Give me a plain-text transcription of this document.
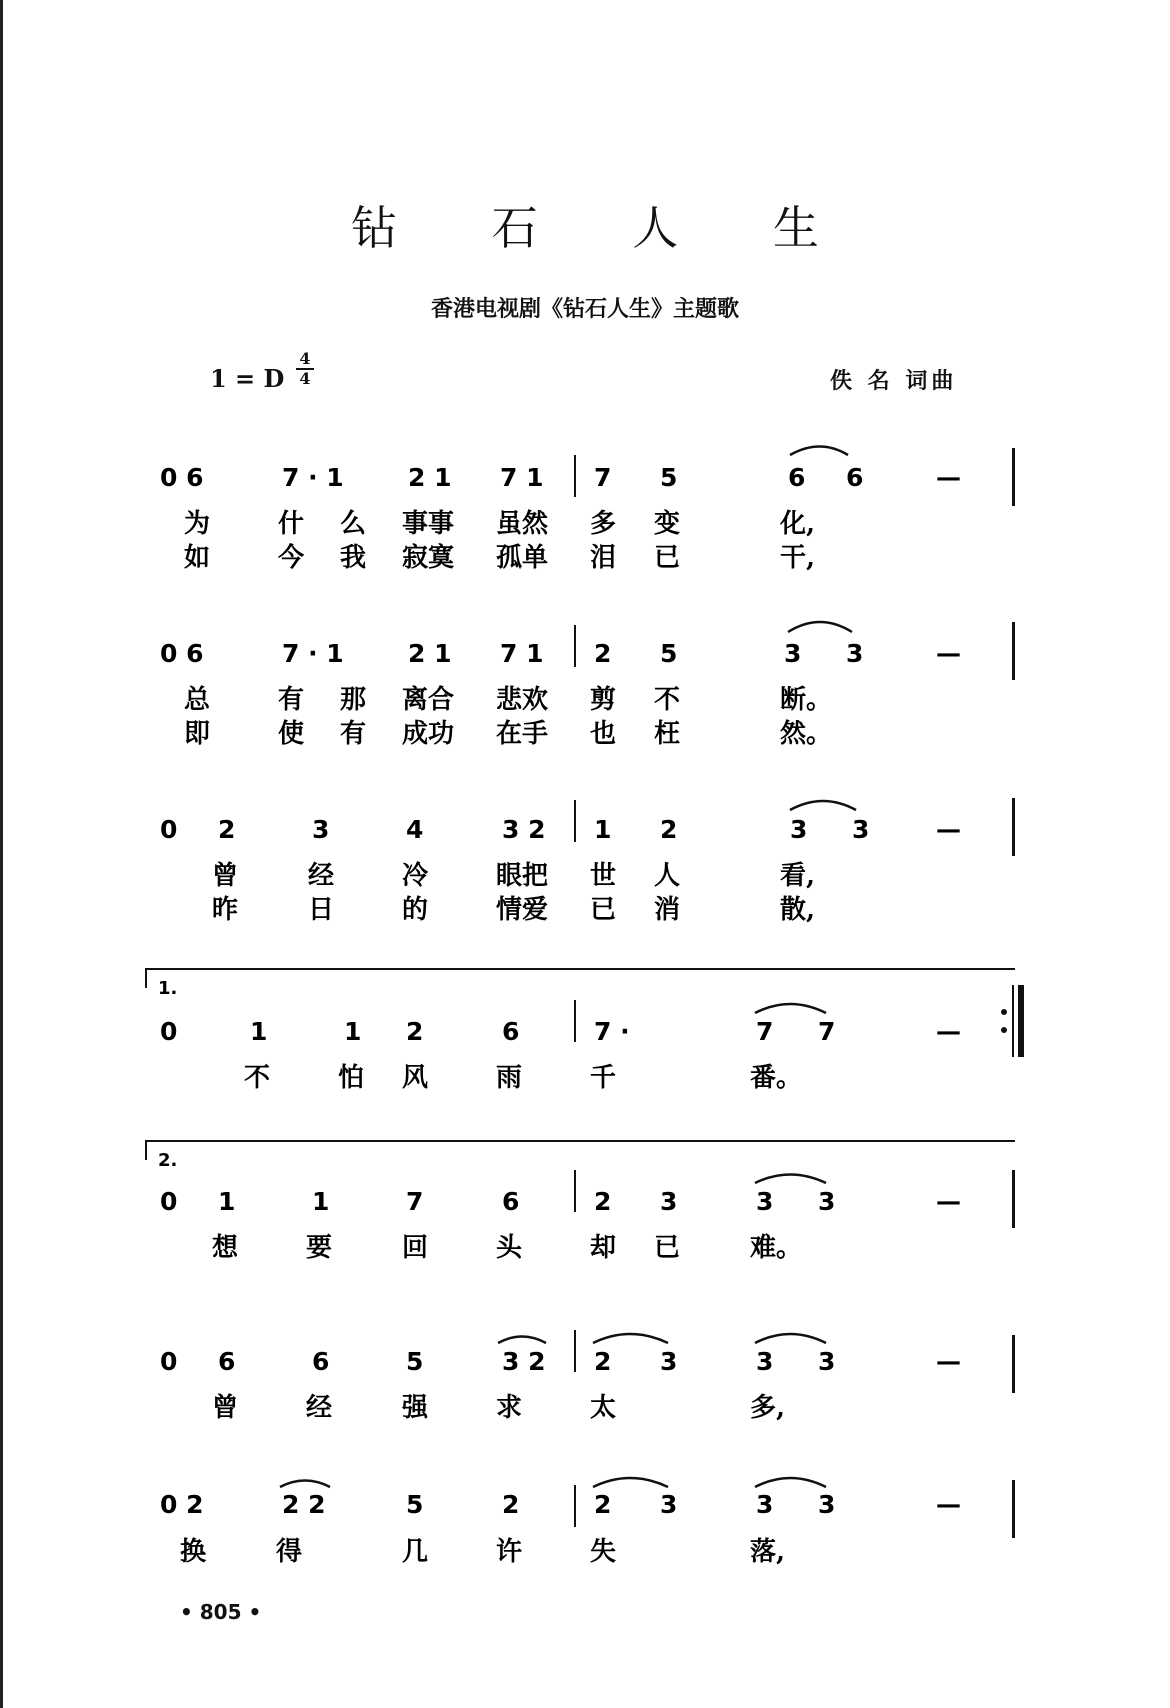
钻 石 人 生
香港电视剧《钻石人生》主题歌
1 = D
4
4	佚 名 词曲
1.
2.
0 6	7 · 1	2 1 7 1 7 5	6 6	—
为	什 么 事事 虽然 多 变	化,
如	今 我 寂寞 孤单 泪 已	干,
0 6	7 · 1	2 1 7 1 2 5	3 3	—
总	有 那 离合 悲欢 剪 不	断。
即	使 有 成功 在手 也 枉	然。
0 2	3	4	3 2 1 2	3 3	—
曾	经	冷	眼把 世 人	看,
昨	日	的	情爱 已 消	散,
0	1	1 2	6	7 ·	7 7	—
不	怕 风	雨	千	番。
0 1	1	7	6	2 3	3 3	—
想	要	回	头	却 已	难。
0 6	6	5	3 2 2 3	3 3	—
曾	经	强	求	太	多,
0 2	2 2	5	2	2 3	3 3	—
换	得	几	许	失	落,
• 805 •
